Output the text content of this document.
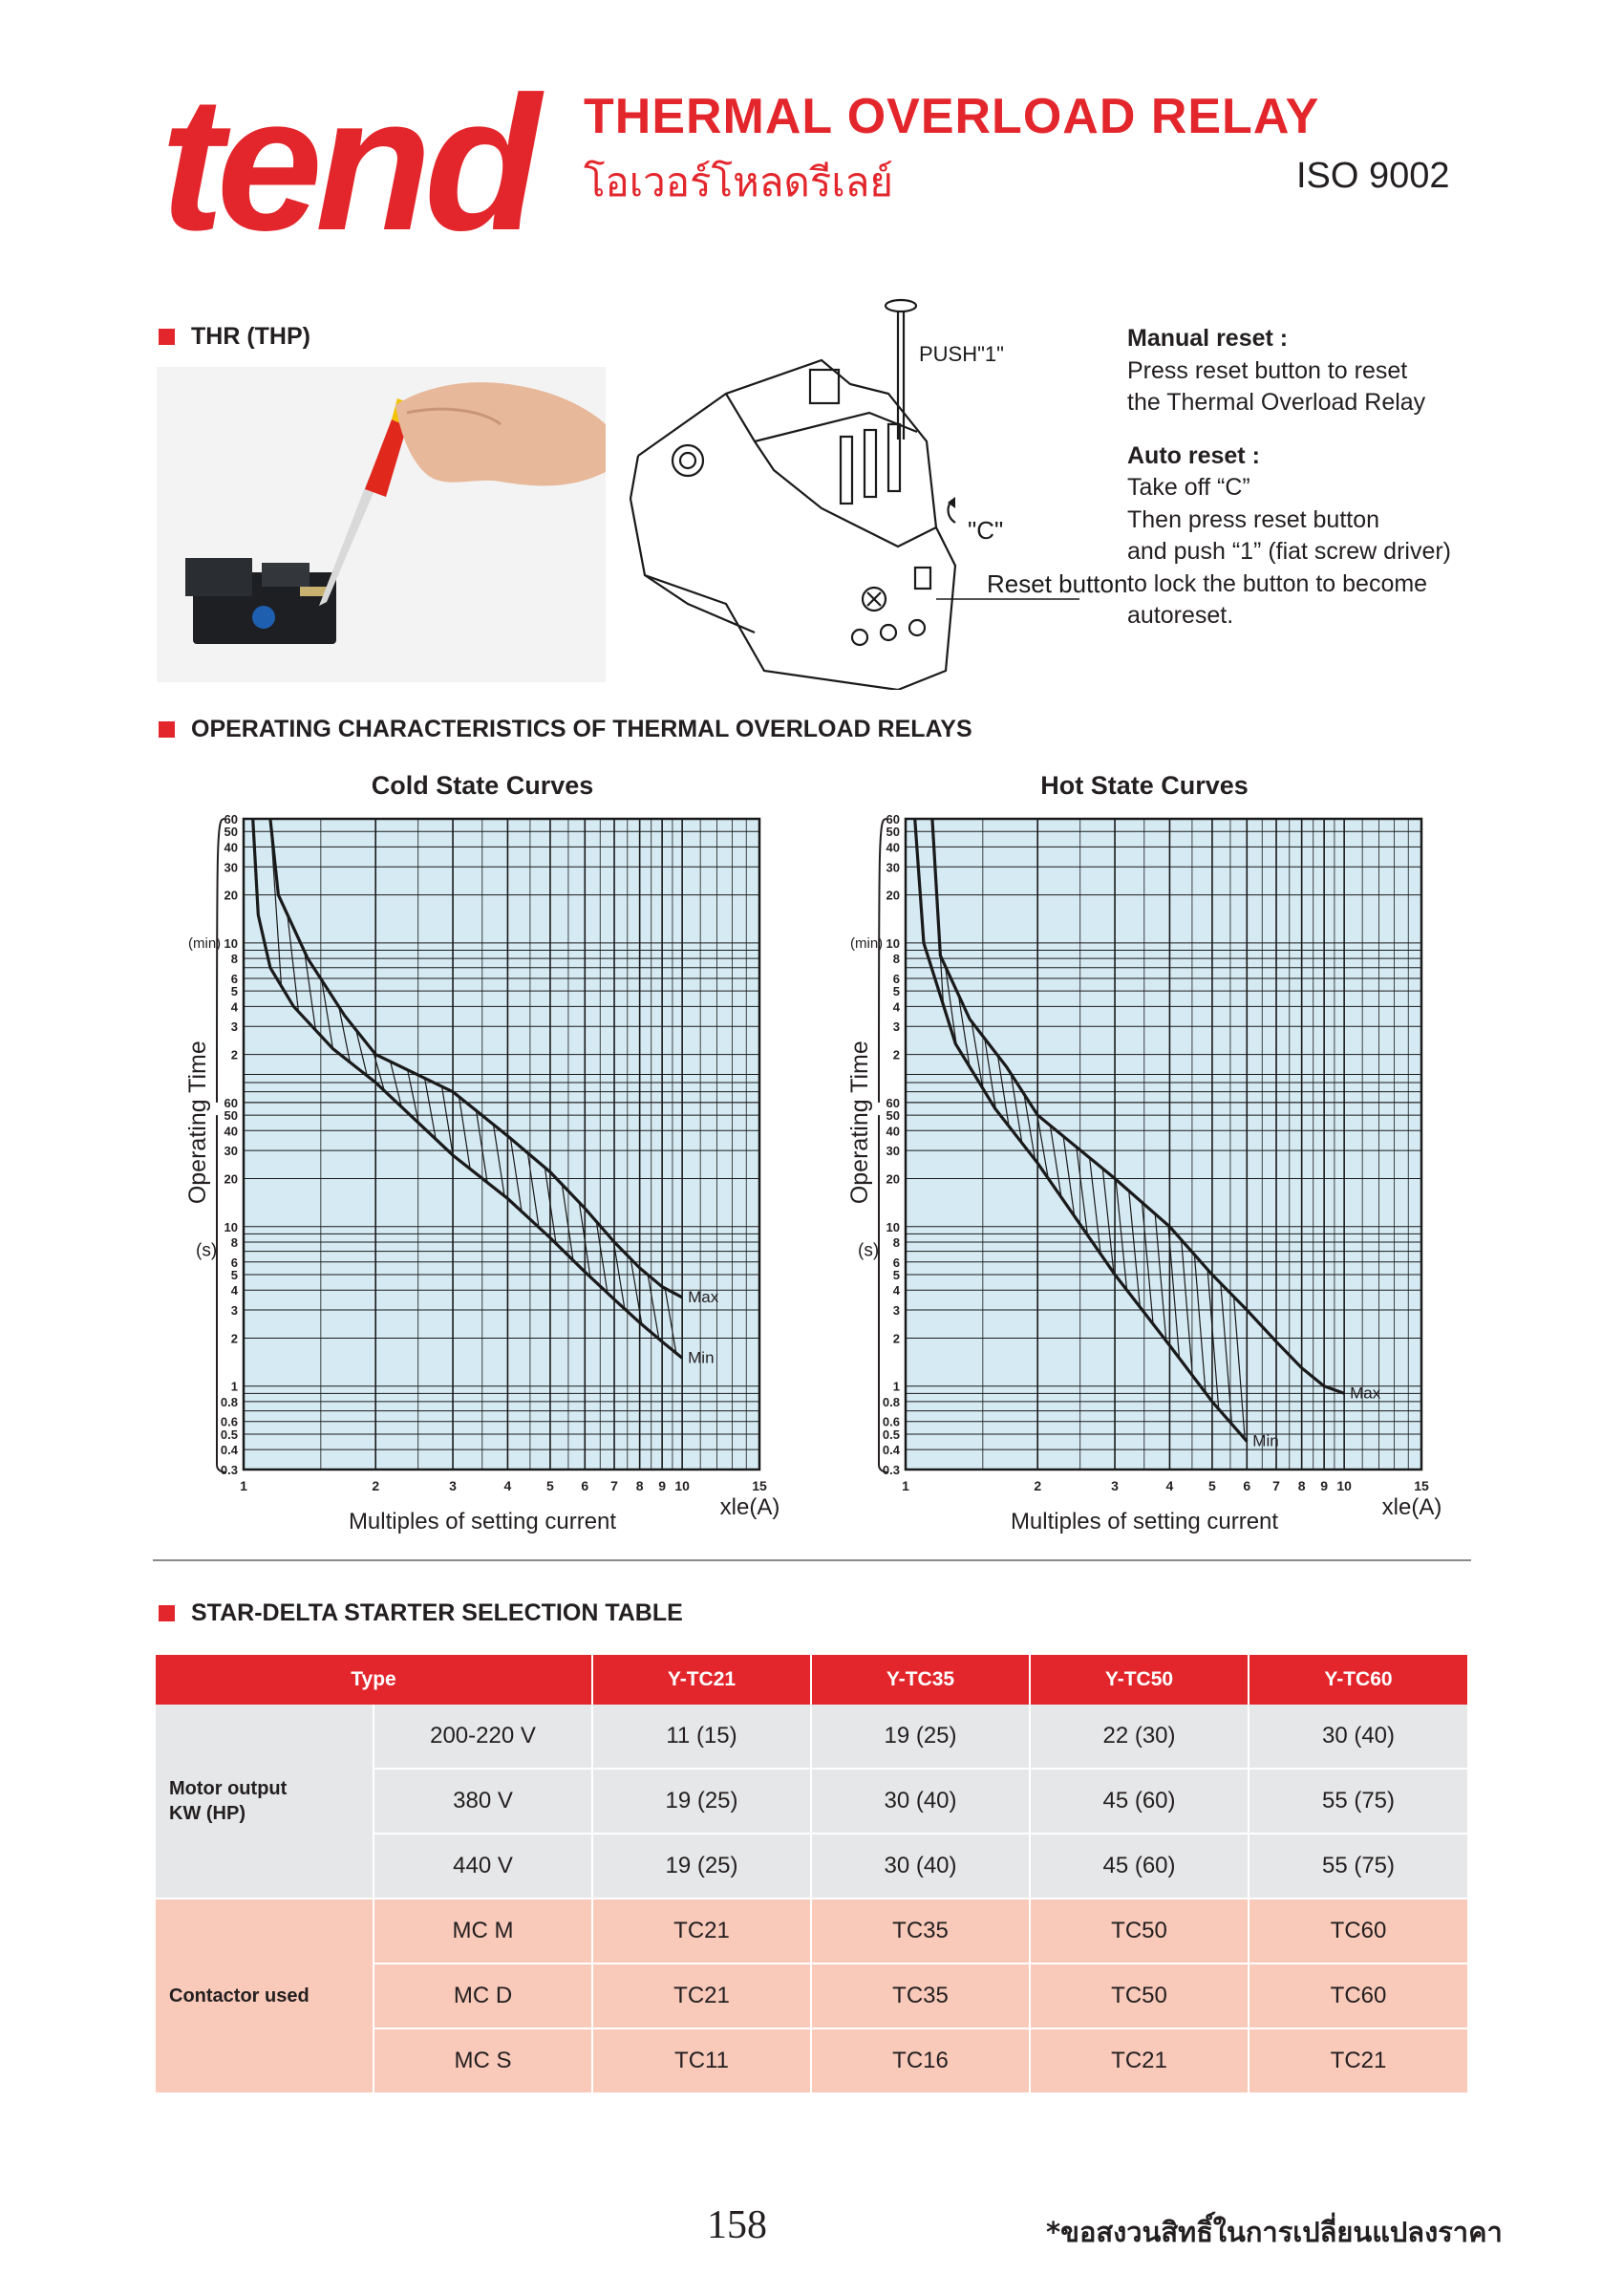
tend THERMAL OVERLOAD RELAY
โอเวอร์โหลดรีเลย์	ISO 9002
THR (THP)
PUSH"1"
"C"
Reset button
Manual reset :
Press reset button to reset
the Thermal Overload Relay
Auto reset :
Take off “C”
Then press reset button
and push “1” (fiat screw driver)
to lock the button to become
autoreset.
OPERATING CHARACTERISTICS OF THERMAL OVERLOAD RELAYS
Cold State Curves
0.3
0.4
0.5
0.6
0.8
1
2
3
4
5
6
8
10
20
30
40
50
60
2
3
4
5
6
8
10
20
30
40
50
60
(min)
(s)
Operating Time
1	2	3	4	5 6 7 8 9 10	15
Multiples of setting current
xle(A)
Max
Min
Hot State Curves
0.3
0.4
0.5
0.6
0.8
1
2
3
4
5
6
8
10
20
30
40
50
60
2
3
4
5
6
8
10
20
30
40
50
60
(min)
(s)
Operating Time
1	2	3	4	5 6 7 8 9 10	15
Multiples of setting current
xle(A)
Max
Min
STAR-DELTA STARTER SELECTION TABLE
Type		Y-TC21	Y-TC35	Y-TC50	Y-TC60

Motor output
KW (HP)	200-220 V	11 (15)	19 (25)	22 (30)	30 (40)
	380 V	19 (25)	30 (40)	45 (60)	55 (75)
	440 V	19 (25)	30 (40)	45 (60)	55 (75)
Contactor used	MC M	TC21	TC35	TC50	TC60
	MC D	TC21	TC35	TC50	TC60
	MC S	TC11	TC16	TC21	TC21
158	*ขอสงวนสิทธิ์ในการเปลี่ยนแปลงราคา
